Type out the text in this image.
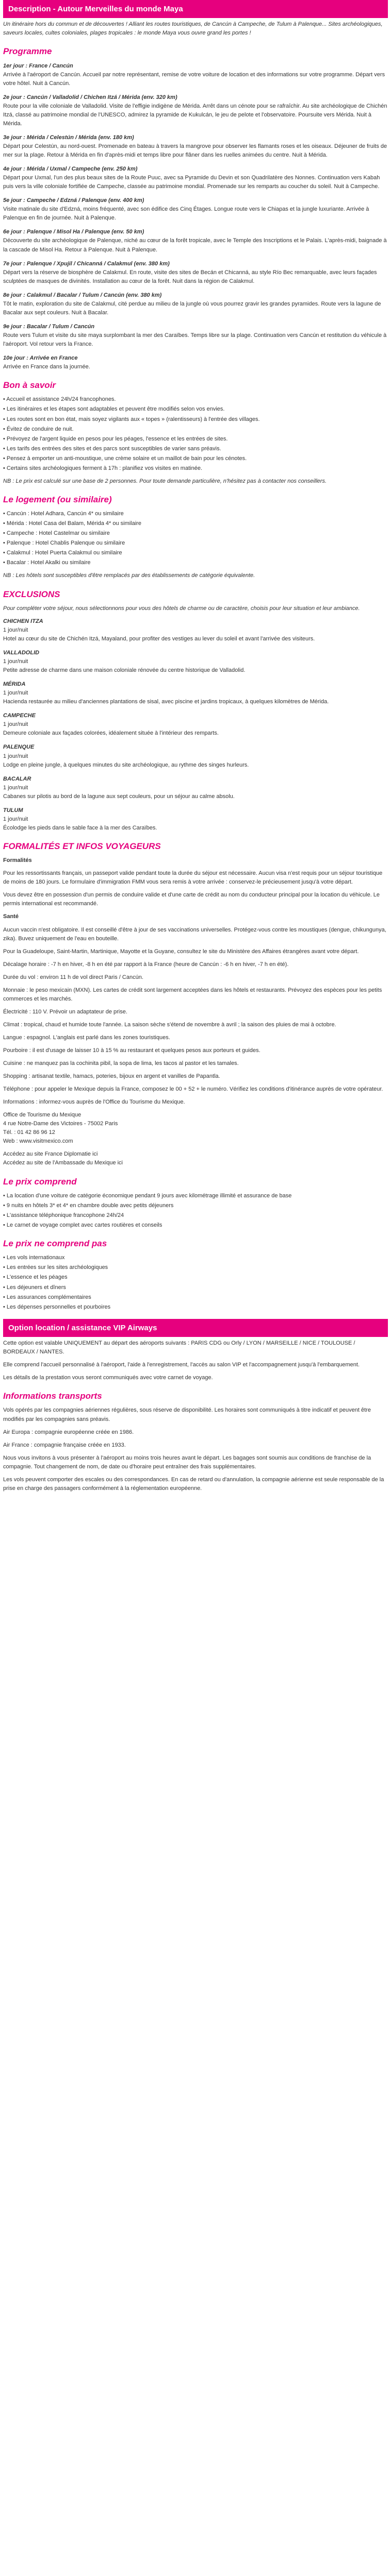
Description - Autour Merveilles du monde Maya

Un itinéraire hors du commun et de découvertes ! Alliant les routes touristiques, de Cancún à Campeche, de Tulum à Palenque... Sites archéologiques, saveurs locales, cultes coloniales, plages tropicales : le monde Maya vous ouvre grand les portes !

Programme
1er jour : France / Cancún
Arrivée à l'aéroport de Cancún. Accueil par notre représentant, remise de votre voiture de location et des informations sur votre programme. Départ vers votre hôtel. Nuit à Cancún.
2e jour : Cancún / Valladolid / Chichen Itzá / Mérida (env. 320 km)
Route pour la ville coloniale de Valladolid. Visite de l'effigie indigène de Mérida. Arrêt dans un cénote pour se rafraîchir. Au site archéologique de Chichén Itzá, classé au patrimoine mondial de l'UNESCO, admirez la pyramide de Kukulcán, le jeu de pelote et l'observatoire. Poursuite vers Mérida. Nuit à Mérida.
3e jour : Mérida / Celestún / Mérida (env. 180 km)
Départ pour Celestún, au nord-ouest. Promenade en bateau à travers la mangrove pour observer les flamants roses et les oiseaux. Déjeuner de fruits de mer sur la plage. Retour à Mérida en fin d'après-midi et temps libre pour flâner dans les ruelles animées du centre. Nuit à Mérida.
4e jour : Mérida / Uxmal / Campeche (env. 250 km)
Départ pour Uxmal, l'un des plus beaux sites de la Route Puuc, avec sa Pyramide du Devin et son Quadrilatère des Nonnes. Continuation vers Kabah puis vers la ville coloniale fortifiée de Campeche, classée au patrimoine mondial. Promenade sur les remparts au coucher du soleil. Nuit à Campeche.
5e jour : Campeche / Edzná / Palenque (env. 400 km)
Visite matinale du site d'Edzná, moins fréquenté, avec son édifice des Cinq Étages. Longue route vers le Chiapas et la jungle luxuriante. Arrivée à Palenque en fin de journée. Nuit à Palenque.
6e jour : Palenque / Misol Ha / Palenque (env. 50 km)
Découverte du site archéologique de Palenque, niché au cœur de la forêt tropicale, avec le Temple des Inscriptions et le Palais. L'après-midi, baignade à la cascade de Misol Ha. Retour à Palenque. Nuit à Palenque.
7e jour : Palenque / Xpujil / Chicanná / Calakmul (env. 380 km)
Départ vers la réserve de biosphère de Calakmul. En route, visite des sites de Becán et Chicanná, au style Río Bec remarquable, avec leurs façades sculptées de masques de divinités. Installation au cœur de la forêt. Nuit dans la région de Calakmul.
8e jour : Calakmul / Bacalar / Tulum / Cancún (env. 380 km)
Tôt le matin, exploration du site de Calakmul, cité perdue au milieu de la jungle où vous pourrez gravir les grandes pyramides. Route vers la lagune de Bacalar aux sept couleurs. Nuit à Bacalar.
9e jour : Bacalar / Tulum / Cancún
Route vers Tulum et visite du site maya surplombant la mer des Caraïbes. Temps libre sur la plage. Continuation vers Cancún et restitution du véhicule à l'aéroport. Vol retour vers la France.
10e jour : Arrivée en France
Arrivée en France dans la journée.
Bon à savoir
• Accueil et assistance 24h/24 francophones.
• Les itinéraires et les étapes sont adaptables et peuvent être modifiés selon vos envies.
• Les routes sont en bon état, mais soyez vigilants aux « topes » (ralentisseurs) à l'entrée des villages.
• Évitez de conduire de nuit.
• Prévoyez de l'argent liquide en pesos pour les péages, l'essence et les entrées de sites.
• Les tarifs des entrées des sites et des parcs sont susceptibles de varier sans préavis.
• Pensez à emporter un anti-moustique, une crème solaire et un maillot de bain pour les cénotes.
• Certains sites archéologiques ferment à 17h : planifiez vos visites en matinée.

NB : Le prix est calculé sur une base de 2 personnes. Pour toute demande particulière, n'hésitez pas à contacter nos conseillers.

Le logement (ou similaire)
• Cancún : Hotel Adhara, Cancún 4* ou similaire
• Mérida : Hotel Casa del Balam, Mérida 4* ou similaire
• Campeche : Hotel Castelmar ou similaire
• Palenque : Hotel Chablis Palenque ou similaire
• Calakmul : Hotel Puerta Calakmul ou similaire
• Bacalar : Hotel Akalki ou similaire

NB : Les hôtels sont susceptibles d'être remplacés par des établissements de catégorie équivalente.

EXCLUSIONS

Pour compléter votre séjour, nous sélectionnons pour vous des hôtels de charme ou de caractère, choisis pour leur situation et leur ambiance.

CHICHEN ITZA
1 jour/nuit
Hotel au cœur du site de Chichén Itzá, Mayaland, pour profiter des vestiges au lever du soleil et avant l'arrivée des visiteurs.
VALLADOLID
1 jour/nuit
Petite adresse de charme dans une maison coloniale rénovée du centre historique de Valladolid.
MÉRIDA
1 jour/nuit
Hacienda restaurée au milieu d'anciennes plantations de sisal, avec piscine et jardins tropicaux, à quelques kilomètres de Mérida.
CAMPECHE
1 jour/nuit
Demeure coloniale aux façades colorées, idéalement située à l'intérieur des remparts.
PALENQUE
1 jour/nuit
Lodge en pleine jungle, à quelques minutes du site archéologique, au rythme des singes hurleurs.
BACALAR
1 jour/nuit
Cabanes sur pilotis au bord de la lagune aux sept couleurs, pour un séjour au calme absolu.
TULUM
1 jour/nuit
Écolodge les pieds dans le sable face à la mer des Caraïbes.
FORMALITÉS ET INFOS VOYAGEURS

Formalités

Pour les ressortissants français, un passeport valide pendant toute la durée du séjour est nécessaire. Aucun visa n'est requis pour un séjour touristique de moins de 180 jours. Le formulaire d'immigration FMM vous sera remis à votre arrivée : conservez-le précieusement jusqu'à votre départ.

Vous devez être en possession d'un permis de conduire valide et d'une carte de crédit au nom du conducteur principal pour la location du véhicule. Le permis international est recommandé.

Santé

Aucun vaccin n'est obligatoire. Il est conseillé d'être à jour de ses vaccinations universelles. Protégez-vous contre les moustiques (dengue, chikungunya, zika). Buvez uniquement de l'eau en bouteille.

Pour la Guadeloupe, Saint-Martin, Martinique, Mayotte et la Guyane, consultez le site du Ministère des Affaires étrangères avant votre départ.

Décalage horaire : -7 h en hiver, -8 h en été par rapport à la France (heure de Cancún : -6 h en hiver, -7 h en été).

Durée du vol : environ 11 h de vol direct Paris / Cancún.

Monnaie : le peso mexicain (MXN). Les cartes de crédit sont largement acceptées dans les hôtels et restaurants. Prévoyez des espèces pour les petits commerces et les marchés.

Électricité : 110 V. Prévoir un adaptateur de prise.

Climat : tropical, chaud et humide toute l'année. La saison sèche s'étend de novembre à avril ; la saison des pluies de mai à octobre.

Langue : espagnol. L'anglais est parlé dans les zones touristiques.

Pourboire : il est d'usage de laisser 10 à 15 % au restaurant et quelques pesos aux porteurs et guides.

Cuisine : ne manquez pas la cochinita pibil, la sopa de lima, les tacos al pastor et les tamales.

Shopping : artisanat textile, hamacs, poteries, bijoux en argent et vanilles de Papantla.

Téléphone : pour appeler le Mexique depuis la France, composez le 00 + 52 + le numéro. Vérifiez les conditions d'itinérance auprès de votre opérateur.

Informations : informez-vous auprès de l'Office du Tourisme du Mexique.

Office de Tourisme du Mexique
4 rue Notre-Dame des Victoires - 75002 Paris
Tél. : 01 42 86 96 12
Web : www.visitmexico.com
Accédez au site France Diplomatie ici
Accédez au site de l'Ambassade du Mexique ici
Le prix comprend
• La location d'une voiture de catégorie économique pendant 9 jours avec kilométrage illimité et assurance de base
• 9 nuits en hôtels 3* et 4* en chambre double avec petits déjeuners
• L'assistance téléphonique francophone 24h/24
• Le carnet de voyage complet avec cartes routières et conseils
Le prix ne comprend pas
• Les vols internationaux
• Les entrées sur les sites archéologiques
• L'essence et les péages
• Les déjeuners et dîners
• Les assurances complémentaires
• Les dépenses personnelles et pourboires
Option location / assistance VIP Airways

Cette option est valable UNIQUEMENT au départ des aéroports suivants : PARIS CDG ou Orly / LYON / MARSEILLE / NICE / TOULOUSE / BORDEAUX / NANTES.

Elle comprend l'accueil personnalisé à l'aéroport, l'aide à l'enregistrement, l'accès au salon VIP et l'accompagnement jusqu'à l'embarquement.

Les détails de la prestation vous seront communiqués avec votre carnet de voyage.

Informations transports

Vols opérés par les compagnies aériennes régulières, sous réserve de disponibilité. Les horaires sont communiqués à titre indicatif et peuvent être modifiés par les compagnies sans préavis.

Air Europa : compagnie européenne créée en 1986.

Air France : compagnie française créée en 1933.

Nous vous invitons à vous présenter à l'aéroport au moins trois heures avant le départ. Les bagages sont soumis aux conditions de franchise de la compagnie. Tout changement de nom, de date ou d'horaire peut entraîner des frais supplémentaires.

Les vols peuvent comporter des escales ou des correspondances. En cas de retard ou d'annulation, la compagnie aérienne est seule responsable de la prise en charge des passagers conformément à la réglementation européenne.
